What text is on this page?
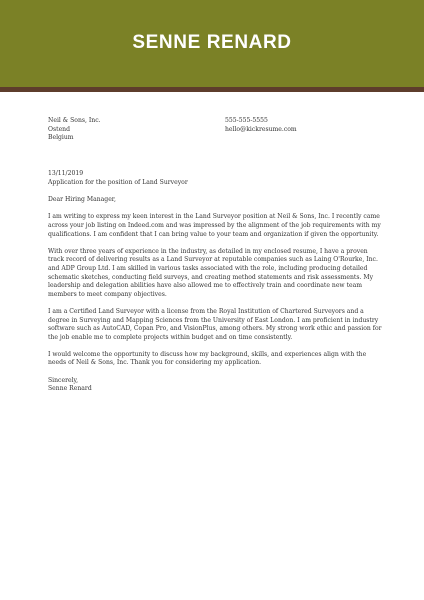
SENNE RENARD

Neil & Sons, Inc.

Ostend

Belgium

555-555-5555

hello@kickresume.com

13/11/2019

Application for the position of Land Surveyor

Dear Hiring Manager,

I am writing to express my keen interest in the Land Surveyor position at Neil & Sons, Inc. I recently came across your job listing on Indeed.com and was impressed by the alignment of the job requirements with my qualifications. I am confident that I can bring value to your team and organization if given the opportunity.

With over three years of experience in the industry, as detailed in my enclosed resume, I have a proven track record of delivering results as a Land Surveyor at reputable companies such as Laing O'Rourke, Inc. and ADP Group Ltd. I am skilled in various tasks associated with the role, including producing detailed schematic sketches, conducting field surveys, and creating method statements and risk assessments. My leadership and delegation abilities have also allowed me to effectively train and coordinate new team members to meet company objectives.

I am a Certified Land Surveyor with a license from the Royal Institution of Chartered Surveyors and a degree in Surveying and Mapping Sciences from the University of East London. I am proficient in industry software such as AutoCAD, Copan Pro, and VisionPlus, among others. My strong work ethic and passion for the job enable me to complete projects within budget and on time consistently.

I would welcome the opportunity to discuss how my background, skills, and experiences align with the needs of Neil & Sons, Inc. Thank you for considering my application.

Sincerely,

Senne Renard
